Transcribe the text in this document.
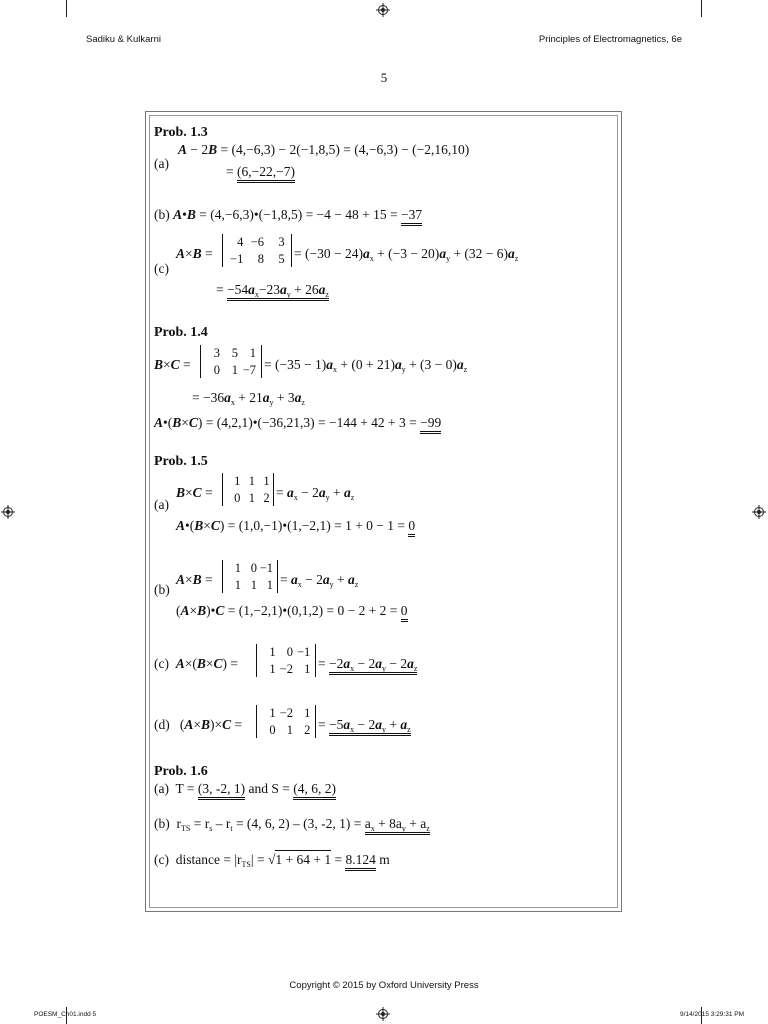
Sadiku & Kulkarni	Principles of Electromagnetics, 6e
5
Prob. 1.3
A − 2B = (4,−6,3) − 2(−1,8,5) = (4,−6,3) − (−2,16,10)
(a)
= (6,−22,−7)
(b) A•B = (4,−6,3)•(−1,8,5) = −4 − 48 + 15 = −37
A×B =
4 −6	3
−1	8	$5 = (-30 - 24)a_x + (-3 - 20)a_y + (32 - 6)a_z$
(c)
= $-54a_x-23a_y + 26a_z$
Prob. 1.4
B×C =
3 5 1
0 $1 -7 = (-35 - 1)a_x + (0 + 21)a_y + (3 - 0)a_z$
= $-36a_x + 21a_y + 3a_z$
A•(B×C) = (4,2,1)•(−36,21,3) = −144 + 42 + 3 = −99
Prob. 1.5
B×C =
1 1 1
0 1 $2 = a_x - 2a_y + a_z$
(a)
A•(B×C) = (1,0,−1)•(1,−2,1) = 1 + 0 − 1 = 0
A×B =
1 0 −1
1 1 $1 = a_x - 2a_y + a_z$
(b)
(A×B)•C = (1,−2,1)•(0,1,2) = 0 − 2 + 2 = 0
(c) A×(B×C) =
1 0 −1
1 −2 $1 = -2a_x - 2a_y - 2a_z$
(d)   (A×B)×C =
1 −2 1
0 1 $2 = -5a_x - 2a_y + a_z$
Prob. 1.6
(a) T = (3, -2, 1) and S = (4, 6, 2)
(b) $r_{TS} = r_s - r_t = (4$, 6, 2) – (3, -2, $1) = a_x + 8a_y + a_z$
(c) distance = $|r_{TS}| = √1 + 64 + 1 = 8.124$ m
Copyright © 2015 by Oxford University Press
POESM_Ch01.indd 5	9/14/2015 3:29:31 PM
